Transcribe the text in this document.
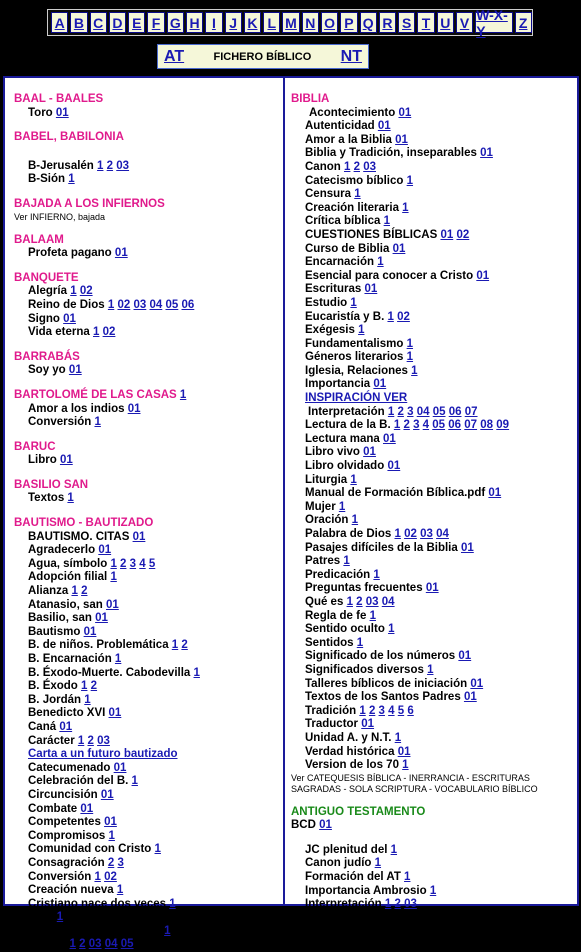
A B C D E F G H I J K L M N O P Q R S T U V W-X-Y	Z
AT	FICHERO BÍBLICO NT
BAAL - BAALES
Toro 01
BABEL, BABILONIA
B-Jerusalén 1 2 03
B-Sión 1
BAJADA A LOS INFIERNOS
Ver INFIERNO, bajada
BALAAM
Profeta pagano 01
BANQUETE
Alegría 1 02
Reino de Dios 1 02 03 04 05 06
Signo 01
Vida eterna 1 02
BARRABÁS
Soy yo 01
BARTOLOMÉ DE LAS CASAS 1
Amor a los indios 01
Conversión 1
BARUC
Libro 01
BASILIO SAN
Textos 1
BAUTISMO - BAUTIZADO
BAUTISMO. CITAS 01
Agradecerlo 01
Agua, símbolo 1 2 3 4 5
Adopción filial 1
Alianza 1 2
Atanasio, san 01
Basilio, san 01
Bautismo 01
B. de niños. Problemática 1 2
B. Encarnación 1
B. Éxodo-Muerte. Cabodevilla 1
B. Éxodo 1 2
B. Jordán 1
Benedicto XVI 01
Caná 01
Carácter 1 2 03
Carta a un futuro bautizado
Catecumenado 01
Celebración del B. 1
Circuncisión 01
Combate 01
Competentes 01
Compromisos 1
Comunidad con Cristo 1
Consagración 2 3
Conversión 1 02
Creación nueva 1
Cristiano nace dos veces 1
Cruz 1
Cualificación ontológica 1
Diluvio 1 2 03 04 05
BIBLIA
Acontecimiento 01
Autenticidad 01
Amor a la Biblia 01
Biblia y Tradición, inseparables 01
Canon 1 2 03
Catecismo bíblico 1
Censura 1
Creación literaria 1
Crítica bíblica 1
CUESTIONES BÍBLICAS 01 02
Curso de Biblia 01
Encarnación 1
Esencial para conocer a Cristo 01
Escrituras 01
Estudio 1
Eucaristía y B. 1 02
Exégesis 1
Fundamentalismo 1
Géneros literarios 1
Iglesia, Relaciones 1
Importancia 01
INSPIRACIÓN VER
Interpretación 1 2 3 04 05 06 07
Lectura de la B. 1 2 3 4 05 06 07 08 09
Lectura mana 01
Libro vivo 01
Libro olvidado 01
Liturgia 1
Manual de Formación Bíblica.pdf 01
Mujer 1
Oración 1
Palabra de Dios 1 02 03 04
Pasajes difíciles de la Biblia 01
Patres 1
Predicación 1
Preguntas frecuentes 01
Qué es 1 2 03 04
Regla de fe 1
Sentido oculto 1
Sentidos 1
Significado de los números 01
Significados diversos 1
Talleres bíblicos de iniciación 01
Textos de los Santos Padres 01
Tradición 1 2 3 4 5 6
Traductor 01
Unidad A. y N.T. 1
Verdad histórica 01
Version de los 70 1
Ver CATEQUESIS BÍBLICA - INERRANCIA - ESCRITURAS SAGRADAS - SOLA SCRIPTURA - VOCABULARIO BÍBLICO
ANTIGUO TESTAMENTO
BCD 01
JC plenitud del 1
Canon judío 1
Formación del AT 1
Importancia Ambrosio 1
Interpretación 1 2 03
